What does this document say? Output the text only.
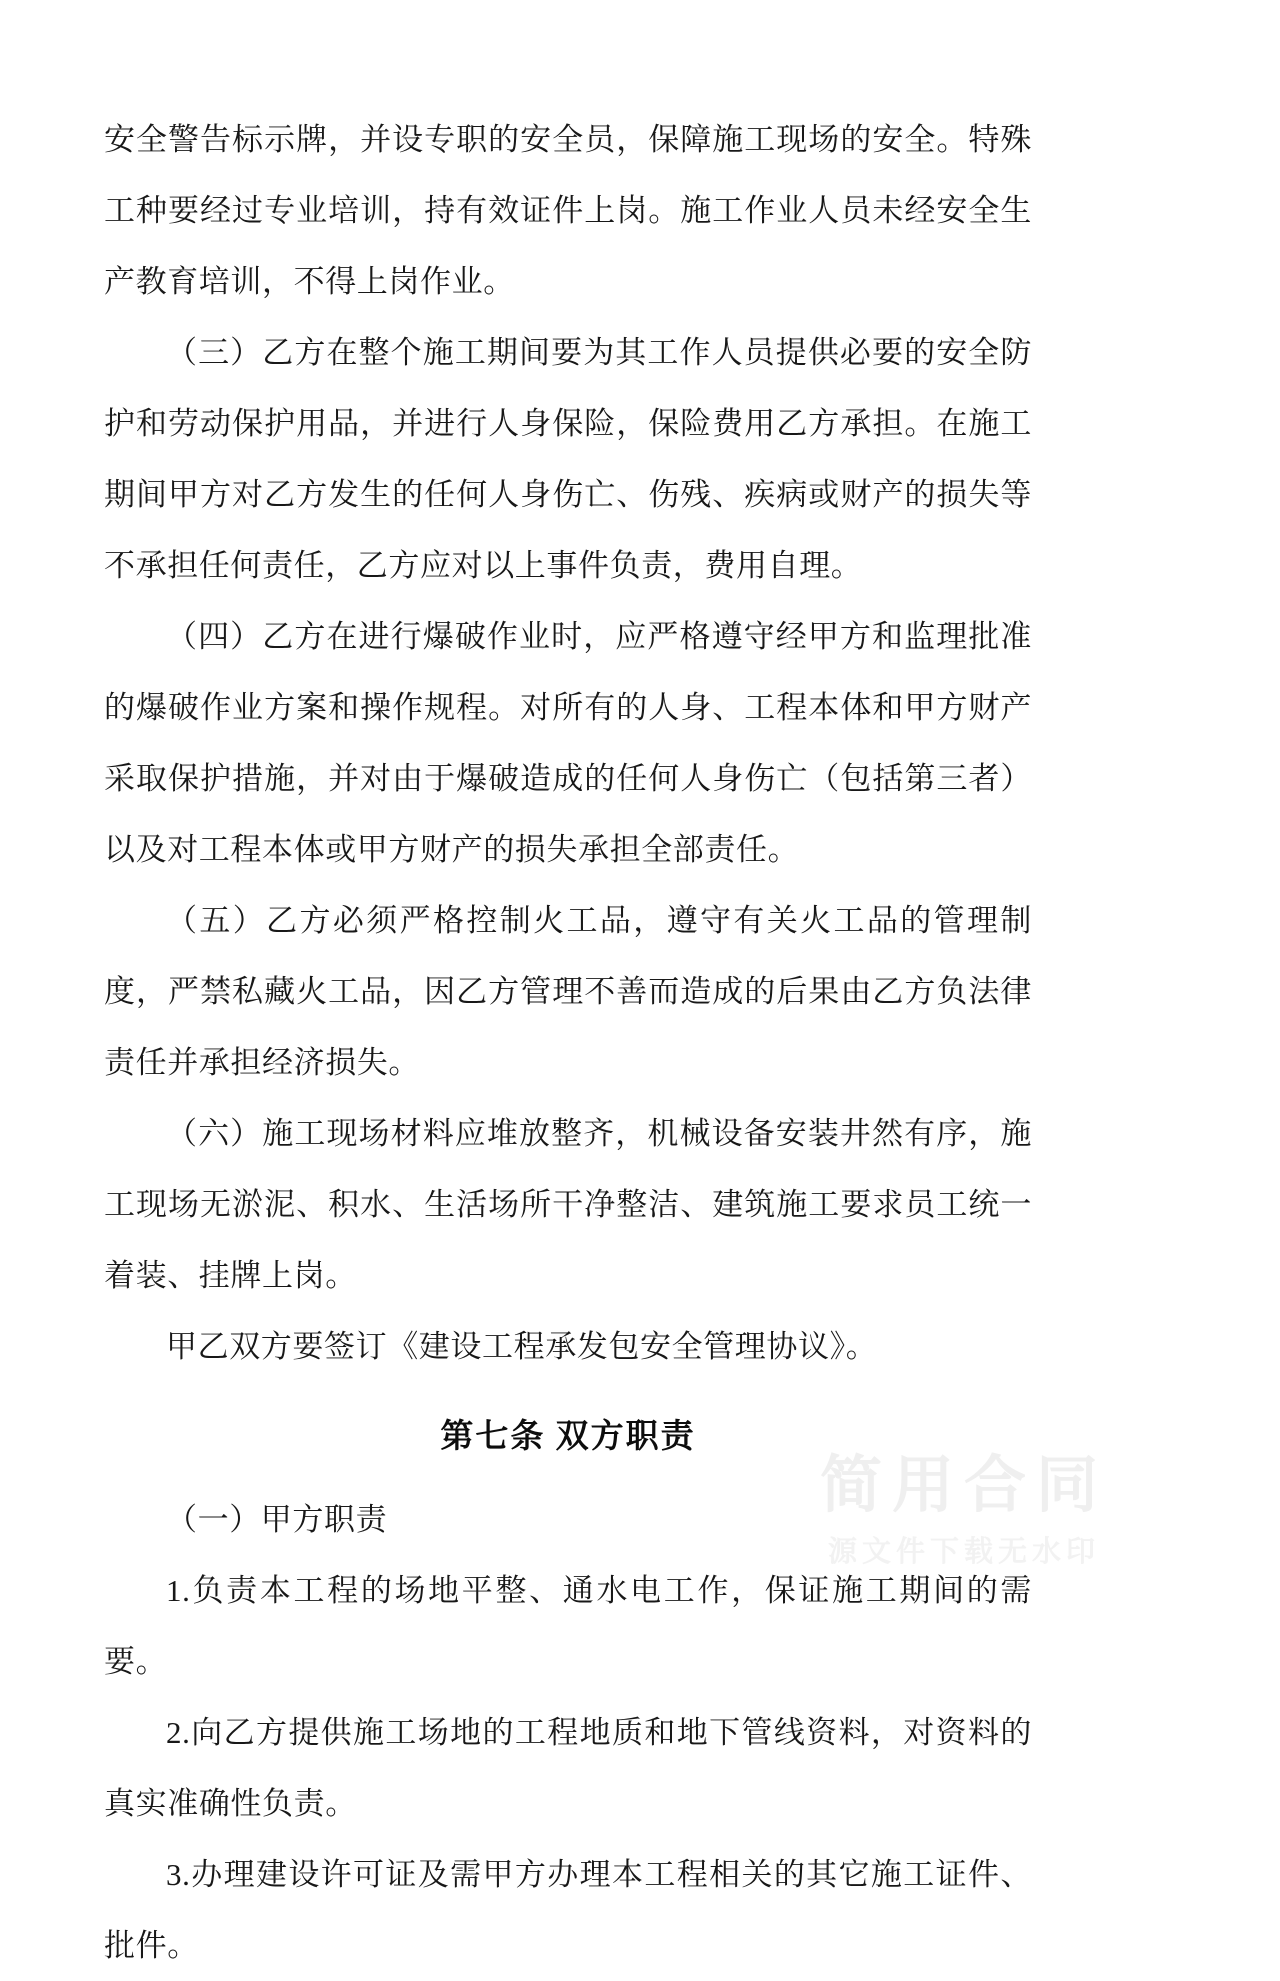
安全警告标示牌，并设专职的安全员，保障施工现场的安全。特殊工种要经过专业培训，持有效证件上岗。施工作业人员未经安全生产教育培训，不得上岗作业。

（三）乙方在整个施工期间要为其工作人员提供必要的安全防护和劳动保护用品，并进行人身保险，保险费用乙方承担。在施工期间甲方对乙方发生的任何人身伤亡、伤残、疾病或财产的损失等不承担任何责任，乙方应对以上事件负责，费用自理。

（四）乙方在进行爆破作业时，应严格遵守经甲方和监理批准的爆破作业方案和操作规程。对所有的人身、工程本体和甲方财产采取保护措施，并对由于爆破造成的任何人身伤亡（包括第三者）以及对工程本体或甲方财产的损失承担全部责任。

（五）乙方必须严格控制火工品，遵守有关火工品的管理制度，严禁私藏火工品，因乙方管理不善而造成的后果由乙方负法律责任并承担经济损失。

（六）施工现场材料应堆放整齐，机械设备安装井然有序，施工现场无淤泥、积水、生活场所干净整洁、建筑施工要求员工统一着装、挂牌上岗。

甲乙双方要签订《建设工程承发包安全管理协议》。

第七条 双方职责

（一）甲方职责

1.负责本工程的场地平整、通水电工作，保证施工期间的需要。

2.向乙方提供施工场地的工程地质和地下管线资料，对资料的真实准确性负责。

3.办理建设许可证及需甲方办理本工程相关的其它施工证件、批件。

简用合同
源文件下载无水印
